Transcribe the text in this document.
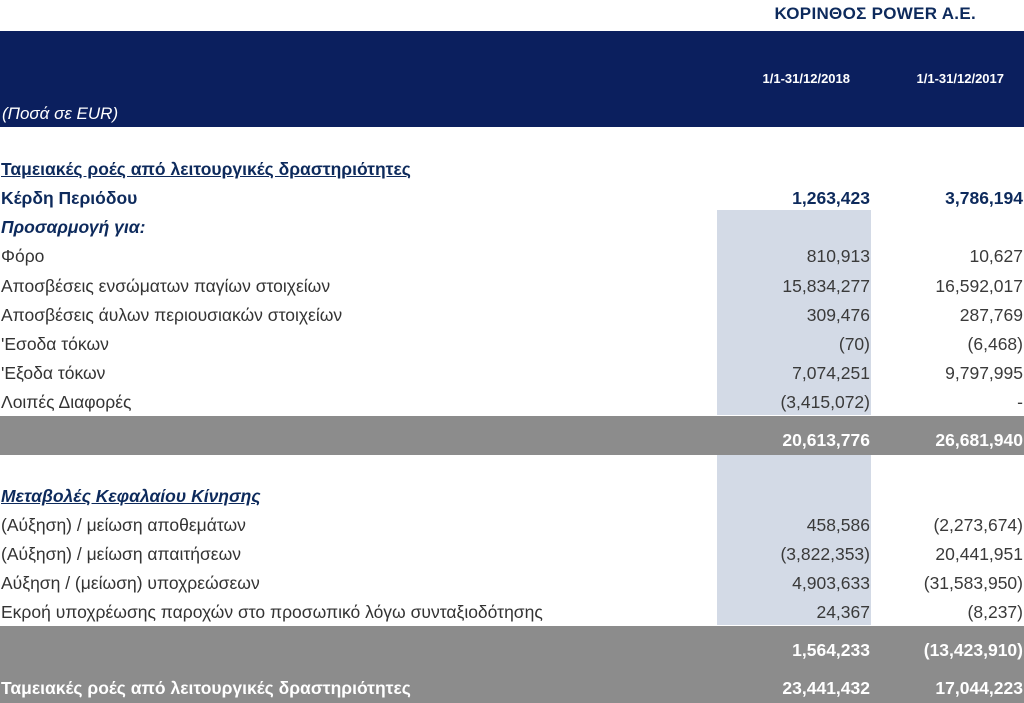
ΚΟΡΙΝΘΟΣ POWER A.E.
1/1-31/12/2018	1/1-31/12/2017
(Ποσά σε EUR)
Ταμειακές ροές από λειτουργικές δραστηριότητες
Κέρδη Περιόδου	1,263,423	3,786,194
Προσαρμογή για:
Φόρο	810,913	10,627
Αποσβέσεις ενσώματων παγίων στοιχείων	15,834,277	16,592,017
Αποσβέσεις άυλων περιουσιακών στοιχείων	309,476	287,769
'Εσοδα τόκων	(70)	(6,468)
'Εξοδα τόκων	7,074,251	9,797,995
Λοιπές Διαφορές	(3,415,072)	-
20,613,776	26,681,940
Μεταβολές Κεφαλαίου Κίνησης
(Αύξηση) / μείωση αποθεμάτων	458,586	(2,273,674)
(Αύξηση) / μείωση απαιτήσεων	(3,822,353)	20,441,951
Αύξηση / (μείωση) υποχρεώσεων	4,903,633	(31,583,950)
Εκροή υποχρέωσης παροχών στο προσωπικό λόγω συνταξιοδότησης	24,367	(8,237)
1,564,233	(13,423,910)
Ταμειακές ροές από λειτουργικές δραστηριότητες	23,441,432	17,044,223
